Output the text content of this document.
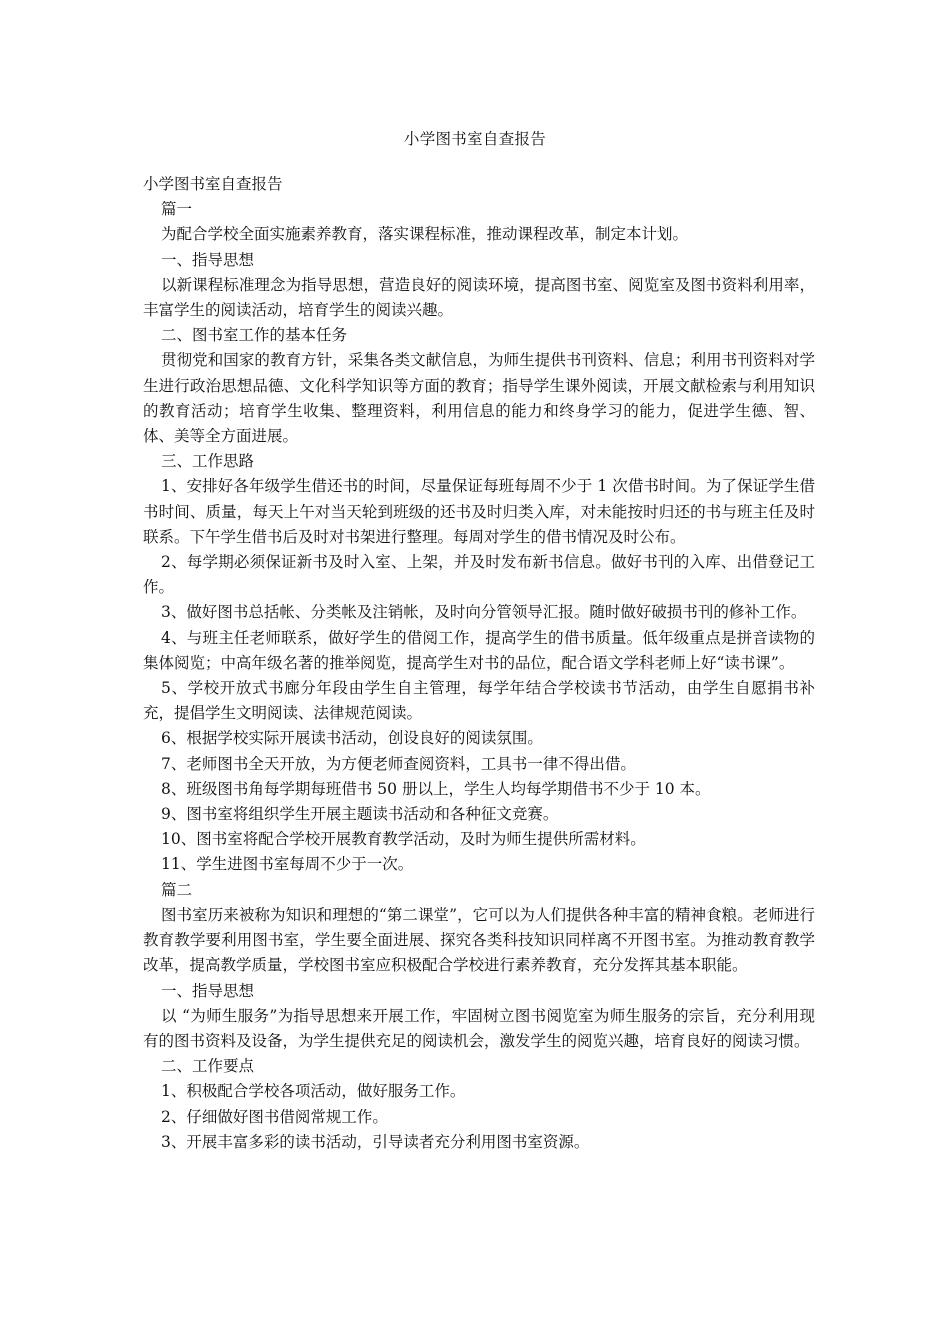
小学图书室自查报告

小学图书室自查报告

篇一

为配合学校全面实施素养教育，落实课程标准，推动课程改革，制定本计划。

一、指导思想

以新课程标准理念为指导思想，营造良好的阅读环境，提高图书室、阅览室及图书资料利用率，丰富学生的阅读活动，培育学生的阅读兴趣。

二、图书室工作的基本任务

贯彻党和国家的教育方针，采集各类文献信息，为师生提供书刊资料、信息；利用书刊资料对学生进行政治思想品德、文化科学知识等方面的教育；指导学生课外阅读，开展文献检索与利用知识的教育活动；培育学生收集、整理资料，利用信息的能力和终身学习的能力，促进学生德、智、体、美等全方面进展。

三、工作思路

1、安排好各年级学生借还书的时间，尽量保证每班每周不少于 1 次借书时间。为了保证学生借书时间、质量，每天上午对当天轮到班级的还书及时归类入库，对未能按时归还的书与班主任及时联系。下午学生借书后及时对书架进行整理。每周对学生的借书情况及时公布。

2、每学期必须保证新书及时入室、上架，并及时发布新书信息。做好书刊的入库、出借登记工作。

3、做好图书总括帐、分类帐及注销帐，及时向分管领导汇报。随时做好破损书刊的修补工作。

4、与班主任老师联系，做好学生的借阅工作，提高学生的借书质量。低年级重点是拼音读物的集体阅览；中高年级名著的推举阅览，提高学生对书的品位，配合语文学科老师上好“读书课”。

5、学校开放式书廊分年段由学生自主管理，每学年结合学校读书节活动，由学生自愿捐书补充，提倡学生文明阅读、法律规范阅读。

6、根据学校实际开展读书活动，创设良好的阅读氛围。

7、老师图书全天开放，为方便老师查阅资料，工具书一律不得出借。

8、班级图书角每学期每班借书 50 册以上，学生人均每学期借书不少于 10 本。

9、图书室将组织学生开展主题读书活动和各种征文竞赛。

10、图书室将配合学校开展教育教学活动，及时为师生提供所需材料。

11、学生进图书室每周不少于一次。

篇二

图书室历来被称为知识和理想的“第二课堂”，它可以为人们提供各种丰富的精神食粮。老师进行教育教学要利用图书室，学生要全面进展、探究各类科技知识同样离不开图书室。为推动教育教学改革，提高教学质量，学校图书室应积极配合学校进行素养教育，充分发挥其基本职能。

一、指导思想

以 “为师生服务”为指导思想来开展工作，牢固树立图书阅览室为师生服务的宗旨，充分利用现有的图书资料及设备，为学生提供充足的阅读机会，激发学生的阅览兴趣，培育良好的阅读习惯。

二、工作要点

1、积极配合学校各项活动，做好服务工作。

2、仔细做好图书借阅常规工作。

3、开展丰富多彩的读书活动，引导读者充分利用图书室资源。
